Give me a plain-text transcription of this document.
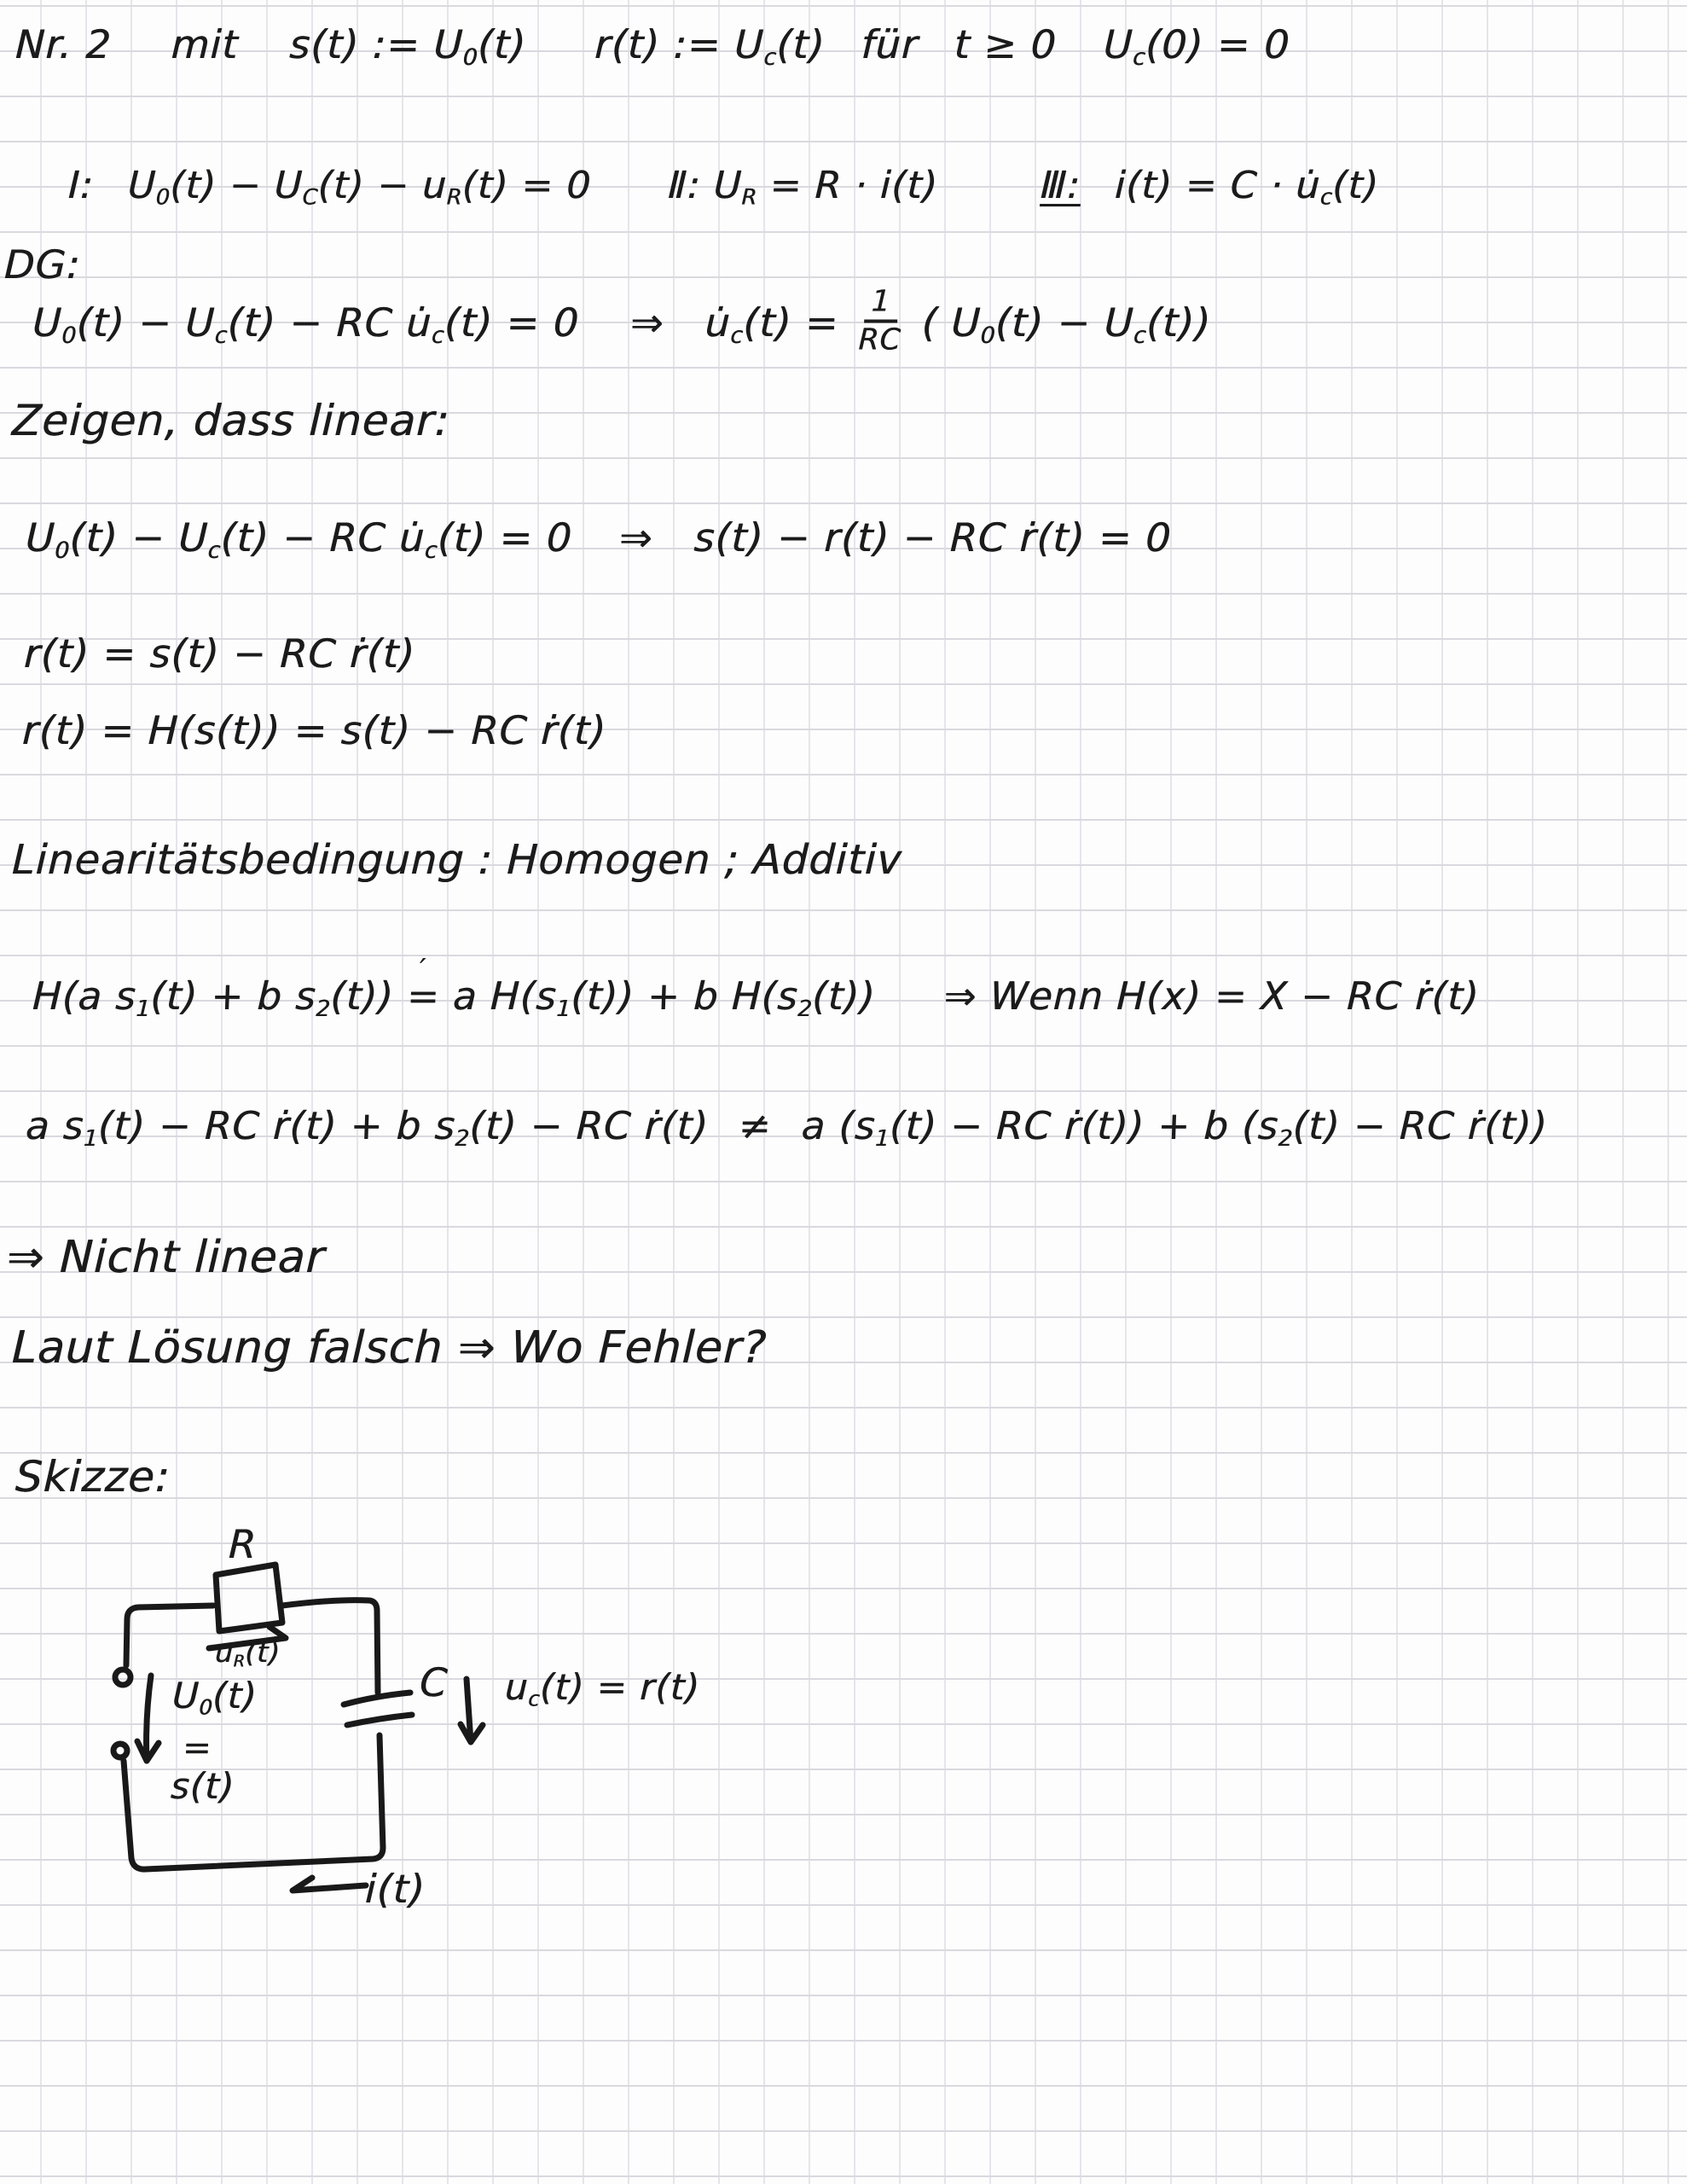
Nr. 2 mit s(t) := $U_0(t)$ r(t) := $U_c(t)$ für t ≥ 0 $U_c(0) = 0$
Ⅰ: $U_0(t) - U_C(t) - u_R(t) = 0$ Ⅱ: $U_R = R \cdot i(t)$	Ⅲ: $i(t) = C \cdot u̇_c(t)$
DG:
$U_0(t) - U_c(t)$ − RC $u̇_c(t) = 0$ ⇒ $u̇_c(t) = \frac{1}{RC}$ ( $U_0(t) - U_c(t)$)
Zeigen, dass linear:
$U_0(t) - U_c(t)$ − RC $u̇_c(t) = 0$ ⇒ s(t) − r(t) − RC ṙ(t) = 0
r(t) = s(t) − RC ṙ(t)
r(t) = H(s(t)) = s(t) − RC ṙ(t)
Linearitätsbedingung : Homogen ; Additiv
H(a $s_1(t) + b$ $s_2(t)$) = ′ a $H(s_1(t)) + b$ $H(s_2(t))$ ⇒ Wenn H(x) = X − RC ṙ(t)
a $s_1(t)$ − RC ṙ(t) + b $s_2(t)$ − RC ṙ(t) ≠ a ($s_1(t)$ − RC ṙ(t)) + b ($s_2(t)$ − RC ṙ(t))
⇒ Nicht linear
Laut Lösung falsch ⇒ Wo Fehler?
Skizze:
R
$u_R(t)$
$U_0(t)$
=
s(t)
C $u_c(t) = r(t)$
i(t)
